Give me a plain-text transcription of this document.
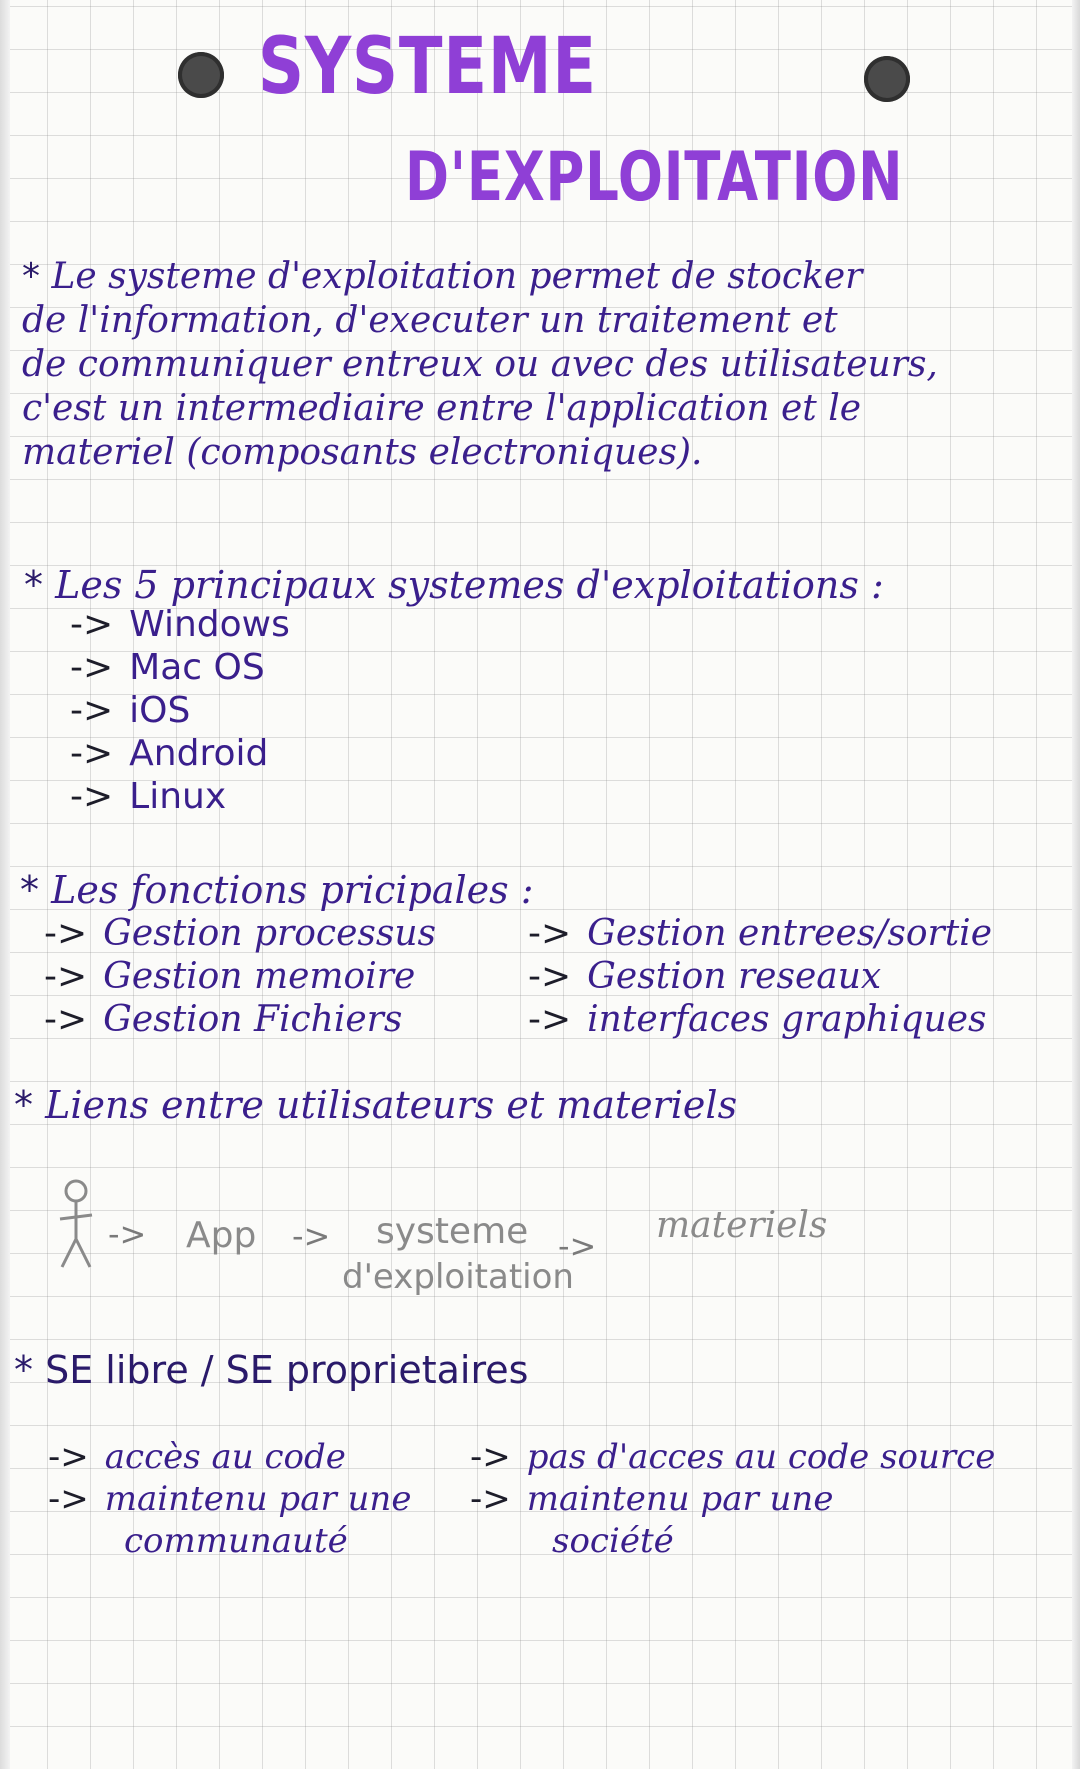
SYSTEME
D'EXPLOITATION

* Le systeme d'exploitation permet de stocker

de l'information, d'executer un traitement et

de communiquer entreux ou avec des utilisateurs,

c'est un intermediaire entre l'application et le

materiel (composants electroniques).

* Les 5 principaux systemes d'exploitations :
-> Windows
-> Mac OS
-> iOS
-> Android
-> Linux
* Les fonctions pricipales :
-> Gestion processus
-> Gestion memoire
-> Gestion Fichiers
-> Gestion entrees/sortie
-> Gestion reseaux
-> interfaces graphiques
* Liens entre utilisateurs et materiels
-> App -> systeme
d'exploitation
-> materiels
* SE libre / SE proprietaires
-> accès au code
-> maintenu par une
communauté
-> pas d'acces au code source
-> maintenu par une
société
